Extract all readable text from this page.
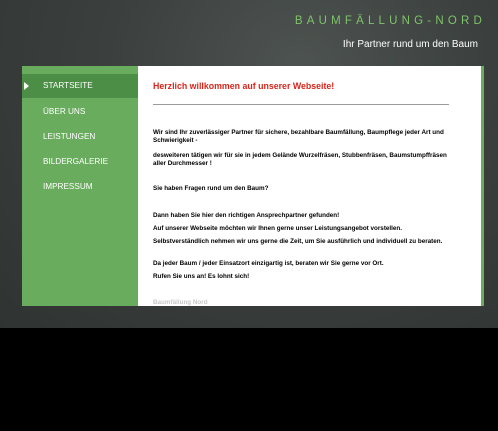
BAUMFÄLLUNG-NORD
Ihr Partner rund um den Baum
STARTSEITE
ÜBER UNS
LEISTUNGEN
BILDERGALERIE
IMPRESSUM
Herzlich willkommen auf unserer Webseite!

Wir sind Ihr zuverlässiger Partner für sichere, bezahlbare Baumfällung, Baumpflege jeder Art und Schwierigkeit -

desweiteren tätigen wir für sie in jedem Gelände Wurzelfräsen, Stubbenfräsen, Baumstumpffräsen aller Durchmesser !

Sie haben Fragen rund um den Baum?

Dann haben Sie hier den richtigen Ansprechpartner gefunden!

Auf unserer Webseite möchten wir Ihnen gerne unser Leistungsangebot vorstellen.

Selbstverständlich nehmen wir uns gerne die Zeit, um Sie ausführlich und individuell zu beraten.

Da jeder Baum / jeder Einsatzort einzigartig ist, beraten wir Sie gerne vor Ort.

Rufen Sie uns an! Es lohnt sich!

Baumfällung Nord
